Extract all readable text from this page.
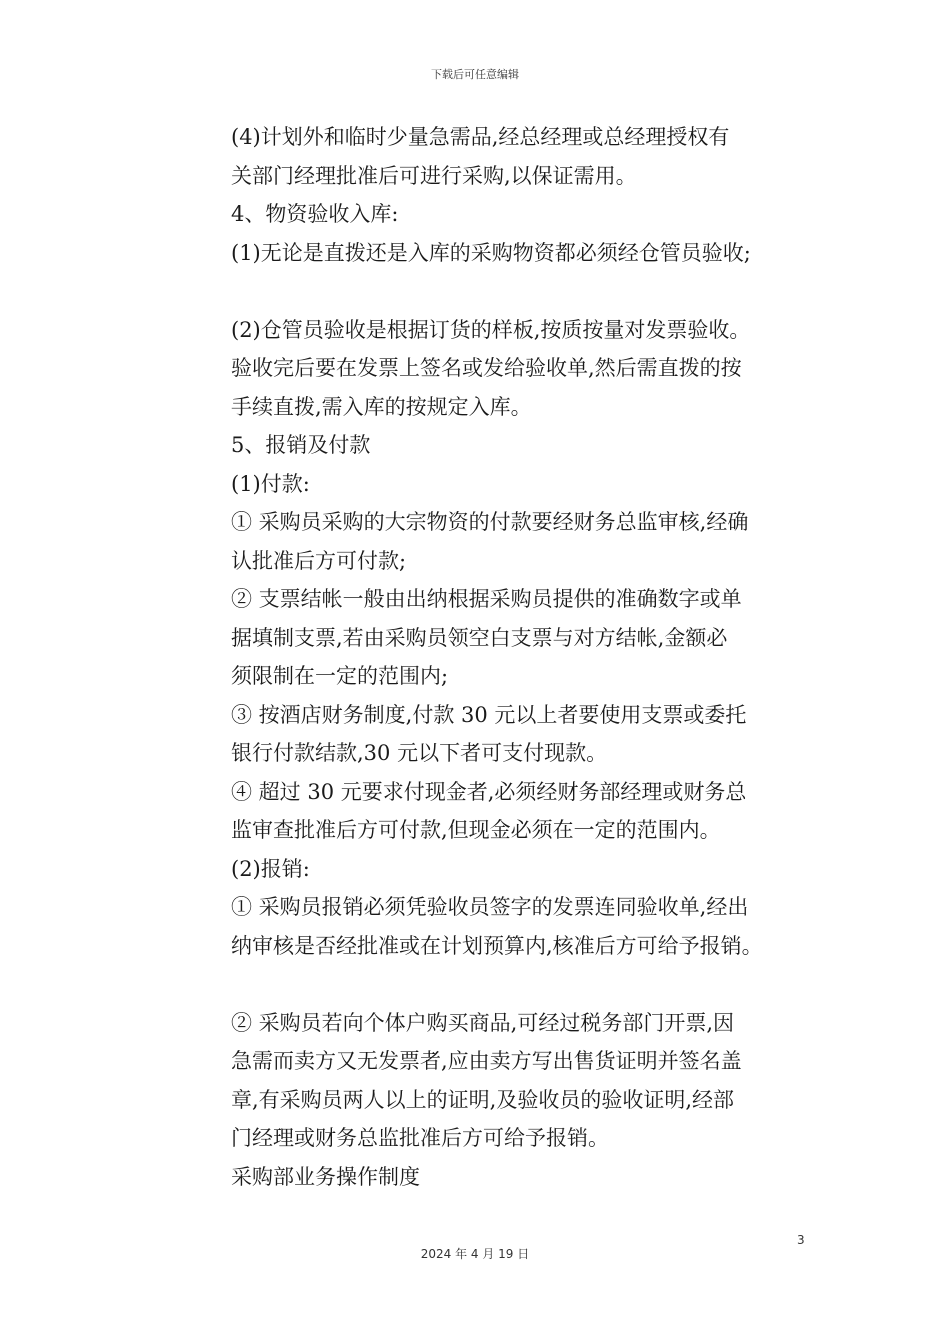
下载后可任意编辑
(4)计划外和临时少量急需品,经总经理或总经理授权有
关部门经理批准后可进行采购,以保证需用。
4、物资验收入库:
(1)无论是直拨还是入库的采购物资都必须经仓管员验收;
(2)仓管员验收是根据订货的样板,按质按量对发票验收。
验收完后要在发票上签名或发给验收单,然后需直拨的按
手续直拨,需入库的按规定入库。
5、报销及付款
(1)付款:
① 采购员采购的大宗物资的付款要经财务总监审核,经确
认批准后方可付款;
② 支票结帐一般由出纳根据采购员提供的准确数字或单
据填制支票,若由采购员领空白支票与对方结帐,金额必
须限制在一定的范围内;
③ 按酒店财务制度,付款 30 元以上者要使用支票或委托
银行付款结款,30 元以下者可支付现款。
④ 超过 30 元要求付现金者,必须经财务部经理或财务总
监审查批准后方可付款,但现金必须在一定的范围内。
(2)报销:
① 采购员报销必须凭验收员签字的发票连同验收单,经出
纳审核是否经批准或在计划预算内,核准后方可给予报销。
② 采购员若向个体户购买商品,可经过税务部门开票,因
急需而卖方又无发票者,应由卖方写出售货证明并签名盖
章,有采购员两人以上的证明,及验收员的验收证明,经部
门经理或财务总监批准后方可给予报销。
采购部业务操作制度
3
2024 年 4 月 19 日
